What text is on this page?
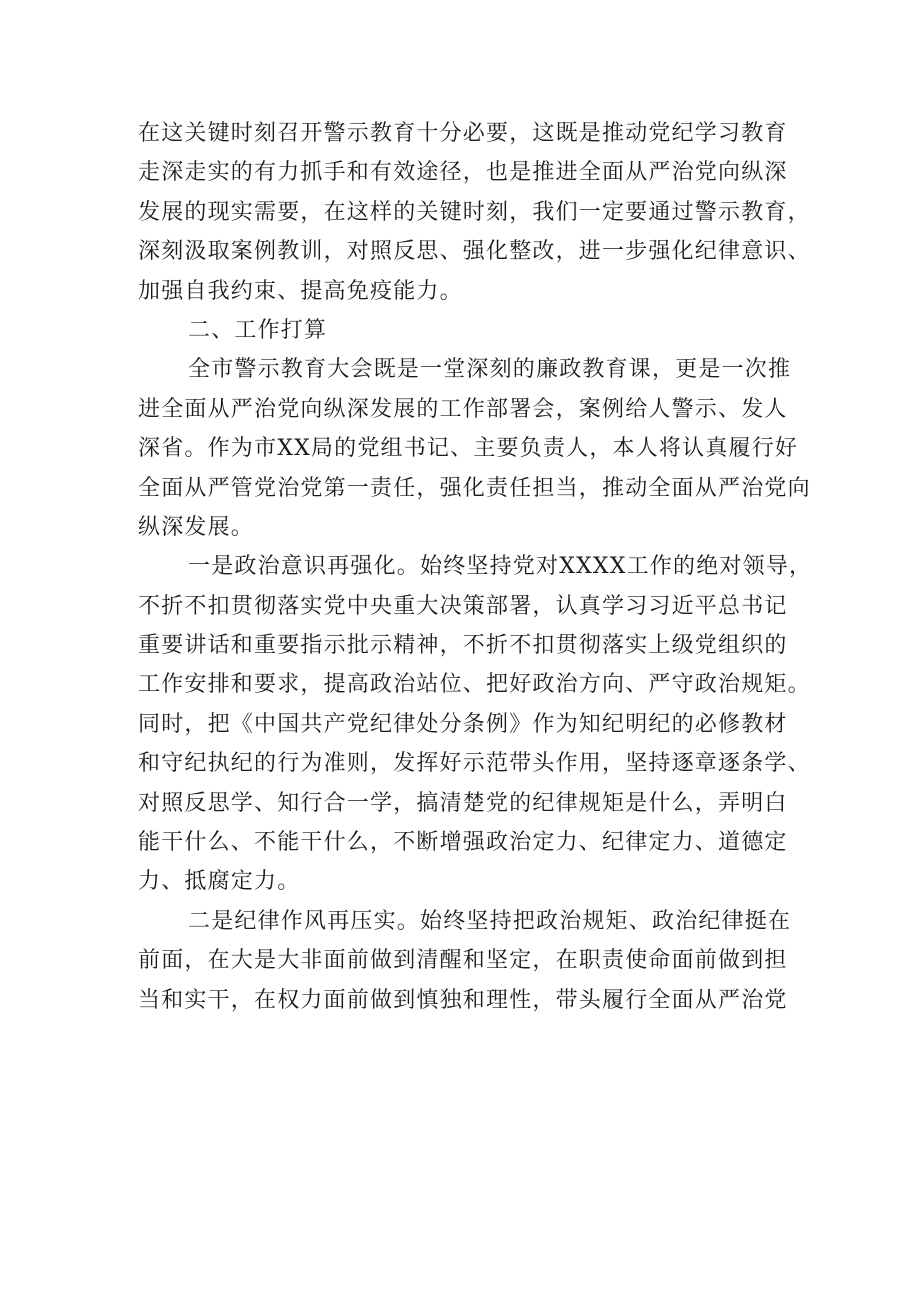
在这关键时刻召开警示教育十分必要，这既是推动党纪学习教育
走深走实的有力抓手和有效途径，也是推进全面从严治党向纵深
发展的现实需要，在这样的关键时刻，我们一定要通过警示教育，
深刻汲取案例教训，对照反思、强化整改，进一步强化纪律意识、
加强自我约束、提高免疫能力。
二、工作打算
全市警示教育大会既是一堂深刻的廉政教育课，更是一次推
进全面从严治党向纵深发展的工作部署会，案例给人警示、发人
深省。作为市XX局的党组书记、主要负责人，本人将认真履行好
全面从严管党治党第一责任，强化责任担当，推动全面从严治党向
纵深发展。
一是政治意识再强化。始终坚持党对XXXX工作的绝对领导，
不折不扣贯彻落实党中央重大决策部署，认真学习习近平总书记
重要讲话和重要指示批示精神，不折不扣贯彻落实上级党组织的
工作安排和要求，提高政治站位、把好政治方向、严守政治规矩。
同时，把《中国共产党纪律处分条例》作为知纪明纪的必修教材
和守纪执纪的行为准则，发挥好示范带头作用，坚持逐章逐条学、
对照反思学、知行合一学，搞清楚党的纪律规矩是什么，弄明白
能干什么、不能干什么，不断增强政治定力、纪律定力、道德定
力、抵腐定力。
二是纪律作风再压实。始终坚持把政治规矩、政治纪律挺在
前面，在大是大非面前做到清醒和坚定，在职责使命面前做到担
当和实干，在权力面前做到慎独和理性，带头履行全面从严治党
